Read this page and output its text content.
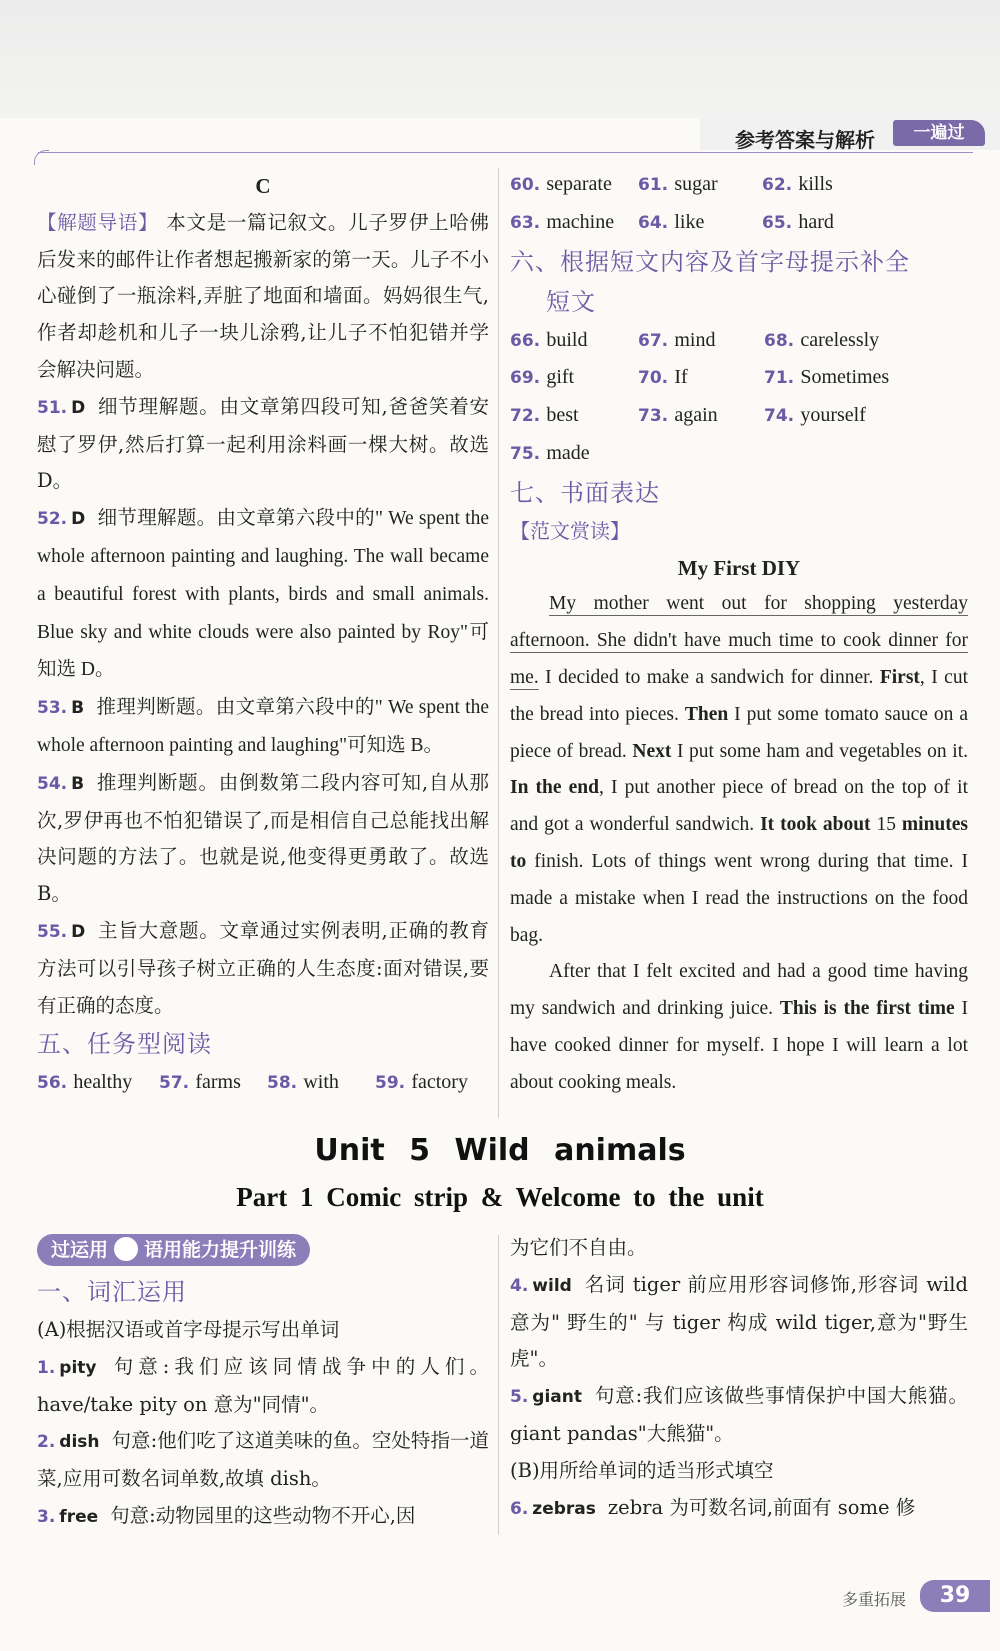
参考答案与解析	一遍过
C
【解题导语】 本文是一篇记叙文。儿子罗伊上哈佛后发来的邮件让作者想起搬新家的第一天。儿子不小心碰倒了一瓶涂料,弄脏了地面和墙面。妈妈很生气,作者却趁机和儿子一块儿涂鸦,让儿子不怕犯错并学会解决问题。
51. D 细节理解题。由文章第四段可知,爸爸笑着安慰了罗伊,然后打算一起利用涂料画一棵大树。故选 D。
52. D 细节理解题。由文章第六段中的" We spent the whole afternoon painting and laughing. The wall became a beautiful forest with plants, birds and small animals. Blue sky and white clouds were also painted by Roy"可知选 D。
53. B 推理判断题。由文章第六段中的" We spent the whole afternoon painting and laughing"可知选 B。
54. B 推理判断题。由倒数第二段内容可知,自从那次,罗伊再也不怕犯错误了,而是相信自己总能找出解决问题的方法了。也就是说,他变得更勇敢了。故选 B。
55. D 主旨大意题。文章通过实例表明,正确的教育方法可以引导孩子树立正确的人生态度:面对错误,要有正确的态度。
五、任务型阅读
56. healthy	57. farms	58. with	59. factory
60. separate	61. sugar	62. kills
63. machine	64. like	65. hard
六、根据短文内容及首字母提示补全
短文
66. build	67. mind	68. carelessly
69. gift	70. If	71. Sometimes
72. best	73. again	74. yourself
75. made
七、书面表达
【范文赏读】
My First DIY
My mother went out for shopping yesterday afternoon. She didn't have much time to cook dinner for me. I decided to make a sandwich for dinner. First, I cut the bread into pieces. Then I put some tomato sauce on a piece of bread. Next I put some ham and vegetables on it. In the end, I put another piece of bread on the top of it and got a wonderful sandwich. It took about 15 minutes to finish. Lots of things went wrong during that time. I made a mistake when I read the instructions on the food bag.
After that I felt excited and had a good time having my sandwich and drinking juice. This is the first time I have cooked dinner for myself. I hope I will learn a lot about cooking meals.
Unit 5 Wild animals
Part 1 Comic strip & Welcome to the unit
过运用 语用能力提升训练
一、词汇运用
(A)根据汉语或首字母提示写出单词
1. pity 句意:我们应该同情战争中的人们。have/take pity on 意为"同情"。
2. dish 句意:他们吃了这道美味的鱼。空处特指一道菜,应用可数名词单数,故填 dish。
3. free 句意:动物园里的这些动物不开心,因
为它们不自由。
4. wild 名词 tiger 前应用形容词修饰,形容词 wild 意为" 野生的" 与 tiger 构成 wild tiger,意为"野生虎"。
5. giant 句意:我们应该做些事情保护中国大熊猫。giant pandas"大熊猫"。
(B)用所给单词的适当形式填空
6. zebras zebra 为可数名词,前面有 some 修
多重拓展	39
